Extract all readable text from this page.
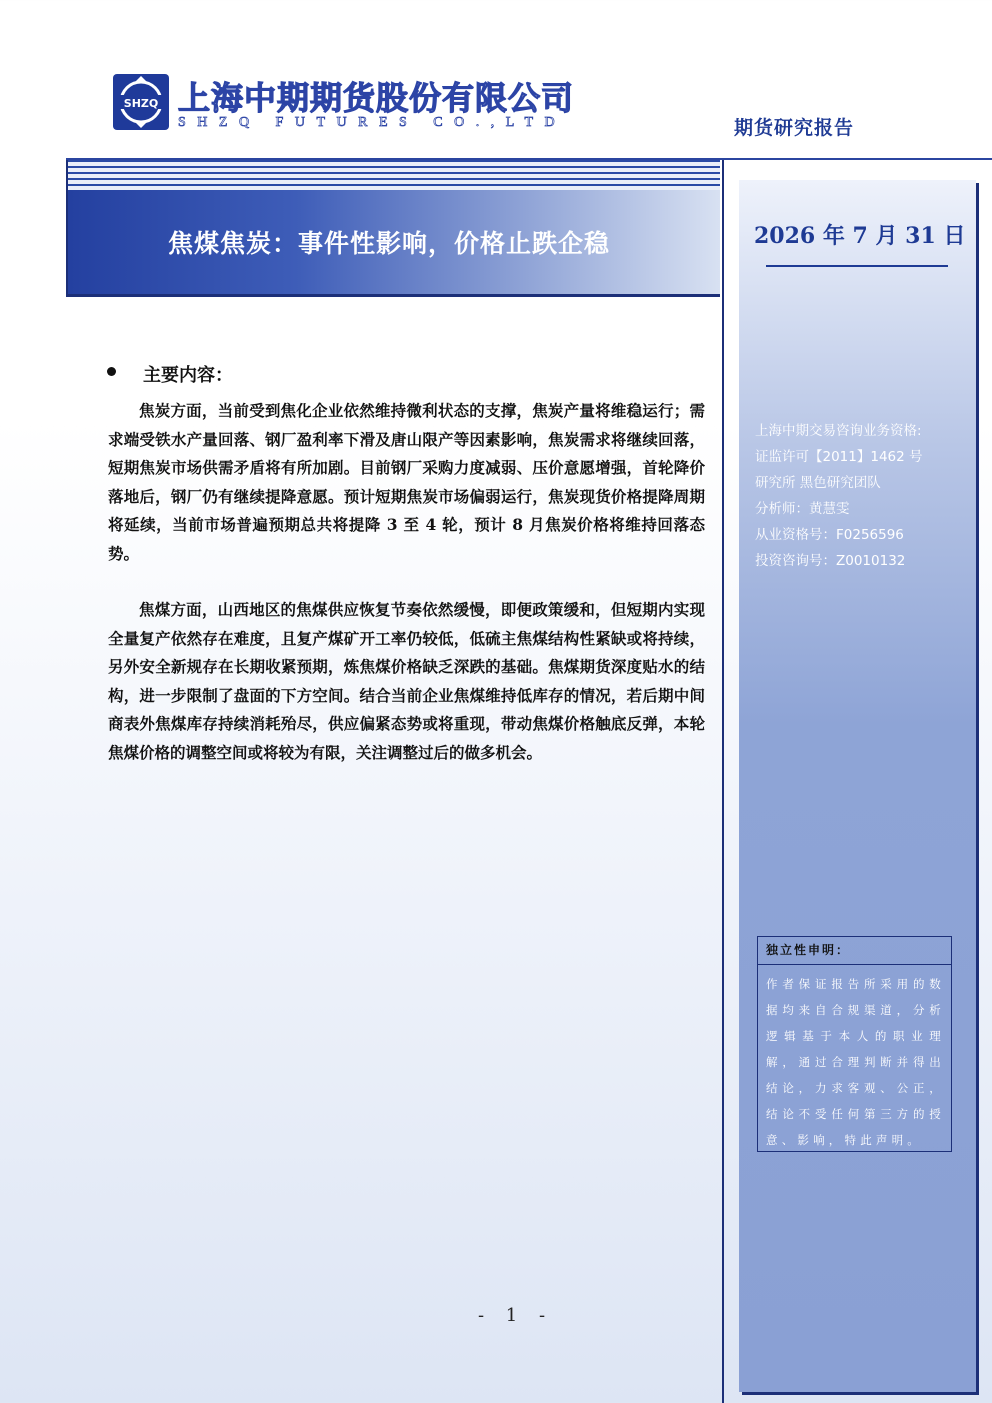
SHZQ 上海中期期货股份有限公司
SHZQ FUTURES CO.,LTD	期货研究报告
焦煤焦炭：事件性影响，价格止跌企稳	2026 年 7 月 31 日
上海中期交易咨询业务资格:
证监许可【2011】1462 号
研究所 黑色研究团队
分析师：黄慧雯
从业资格号：F0256596
投资咨询号：Z0010132
独立性申明：
作者保证报告所采用的数据均来自合规渠道，分析逻辑基于本人的职业理解，通过合理判断并得出结论，力求客观、公正，结论不受任何第三方的授意、影响，特此声明。
主要内容：
焦炭方面，当前受到焦化企业依然维持微利状态的支撑，焦炭产量将维稳运行；需求端受铁水产量回落、钢厂盈利率下滑及唐山限产等因素影响，焦炭需求将继续回落，短期焦炭市场供需矛盾将有所加剧。目前钢厂采购力度减弱、压价意愿增强，首轮降价落地后，钢厂仍有继续提降意愿。预计短期焦炭市场偏弱运行，焦炭现货价格提降周期将延续，当前市场普遍预期总共将提降 3 至 4 轮，预计 8 月焦炭价格将维持回落态势。
焦煤方面，山西地区的焦煤供应恢复节奏依然缓慢，即便政策缓和，但短期内实现全量复产依然存在难度，且复产煤矿开工率仍较低，低硫主焦煤结构性紧缺或将持续，另外安全新规存在长期收紧预期，炼焦煤价格缺乏深跌的基础。焦煤期货深度贴水的结构，进一步限制了盘面的下方空间。结合当前企业焦煤维持低库存的情况，若后期中间商表外焦煤库存持续消耗殆尽，供应偏紧态势或将重现，带动焦煤价格触底反弹，本轮焦煤价格的调整空间或将较为有限，关注调整过后的做多机会。
- 1 -
